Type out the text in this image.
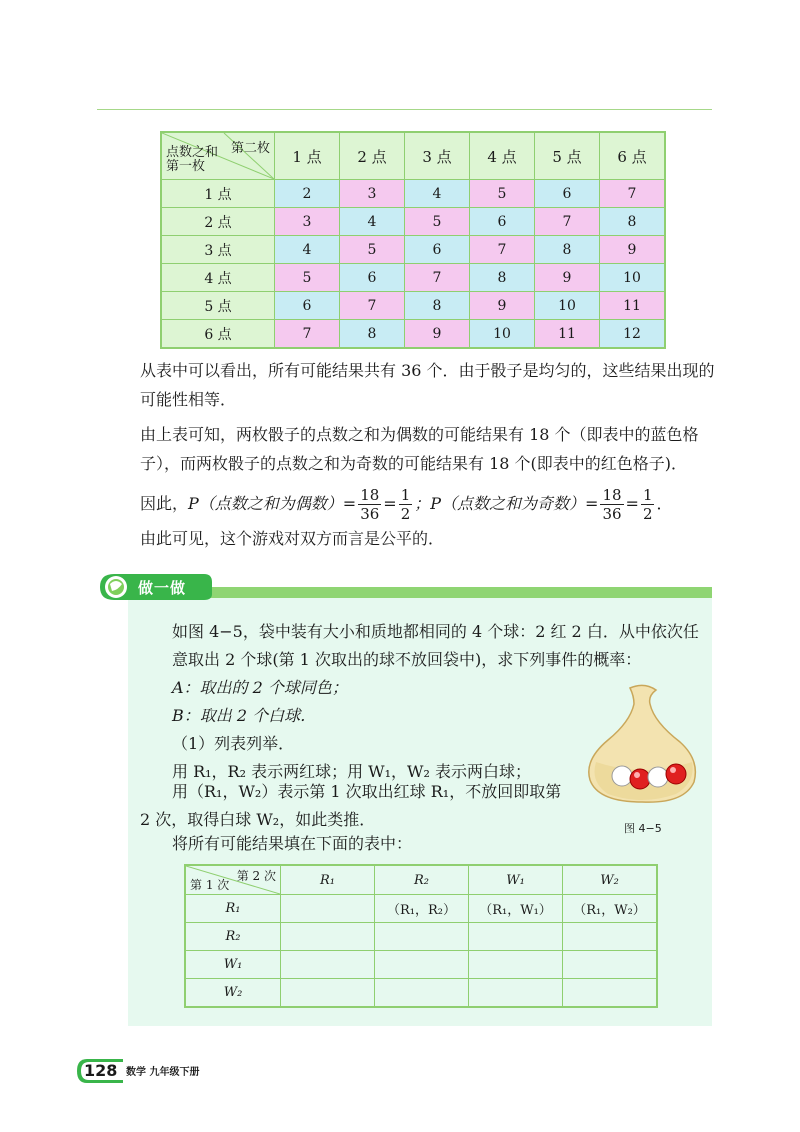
第二枚
点数之和
第一枚	1 点	2 点	3 点	4 点	5 点	6 点
1 点	2	3	4	5	6	7
2 点	3	4	5	6	7	8
3 点	4	5	6	7	8	9
4 点	5	6	7	8	9	10
5 点	6	7	8	9	10	11
6 点	7	8	9	10	11	12

从表中可以看出，所有可能结果共有 36 个．由于骰子是均匀的，这些结果出现的可能性相等．

由上表可知，两枚骰子的点数之和为偶数的可能结果有 18 个（即表中的蓝色格子），而两枚骰子的点数之和为奇数的可能结果有 18 个(即表中的红色格子)．

因此，P（点数之和为偶数）= $\frac{18}{36} = \frac{1}{2}$ ；P（点数之和为奇数）= $\frac{18}{36} = \frac{1}{2}$ ．

由此可见，这个游戏对双方而言是公平的．

做一做

如图 4−5，袋中装有大小和质地都相同的 4 个球：2 红 2 白．从中依次任意取出 2 个球(第 1 次取出的球不放回袋中)，求下列事件的概率：

A：取出的 2 个球同色；
B：取出 2 个白球．
（1）列表列举．
用 R₁，R₂ 表示两红球；用 W₁，W₂ 表示两白球；

用（R₁，W₂）表示第 1 次取出红球 R₁，不放回即取第 2 次，取得白球 W₂，如此类推．

将所有可能结果填在下面的表中：
图 4−5
第 2 次
第 1 次	R₁	R₂	W₁	W₂
R₁		（R₁，R₂）	（R₁，W₁）	（R₁，W₂）
R₂				
W₁				
W₂				
128 数学 九年级下册
